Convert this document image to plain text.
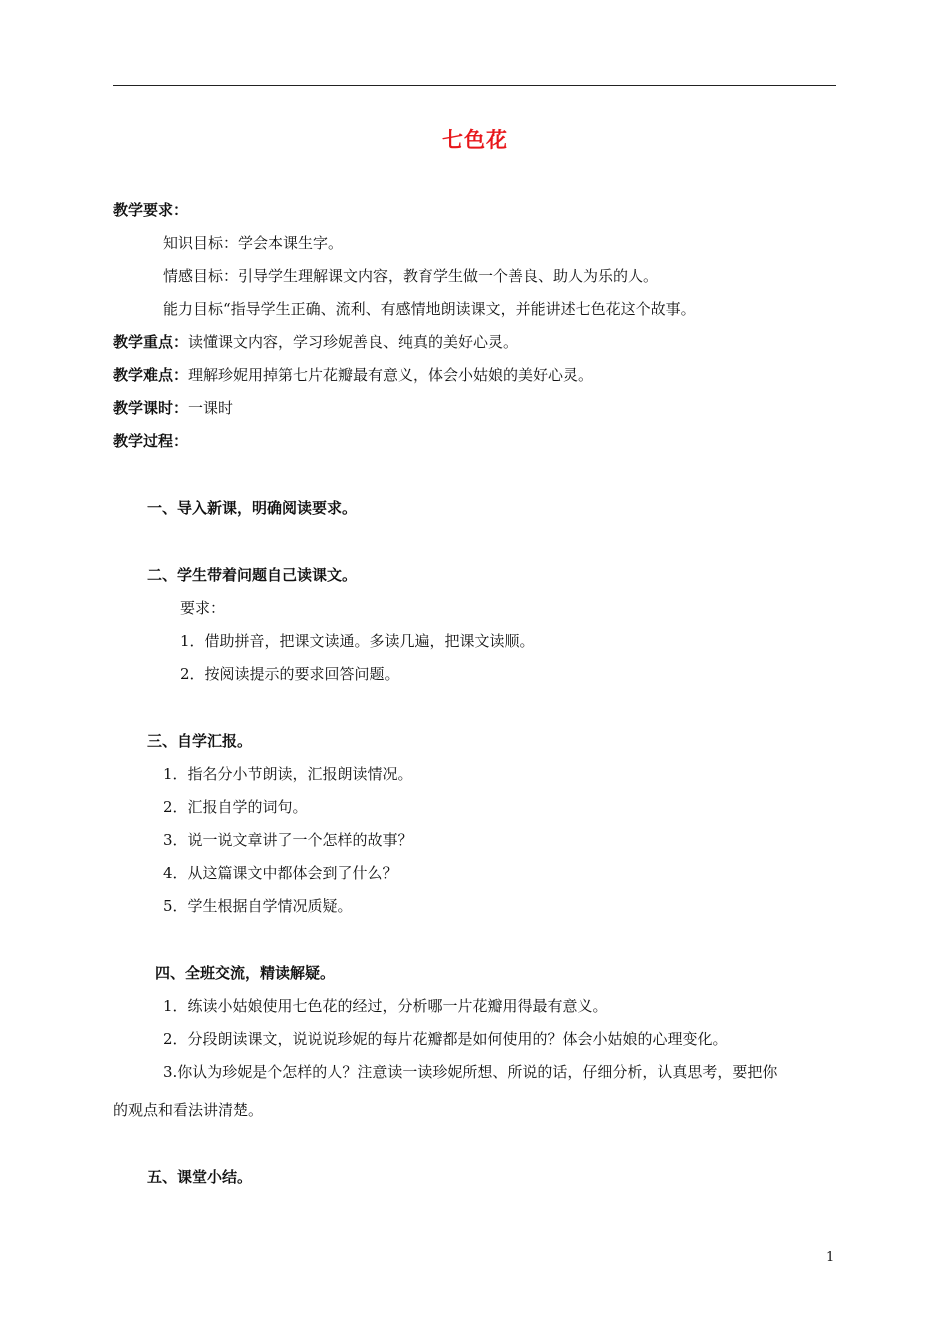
七色花
教学要求：
知识目标：学会本课生字。
情感目标：引导学生理解课文内容，教育学生做一个善良、助人为乐的人。
能力目标“指导学生正确、流利、有感情地朗读课文，并能讲述七色花这个故事。
教学重点：读懂课文内容，学习珍妮善良、纯真的美好心灵。
教学难点：理解珍妮用掉第七片花瓣最有意义，体会小姑娘的美好心灵。
教学课时：一课时
教学过程：
一、导入新课，明确阅读要求。
二、学生带着问题自己读课文。
要求：
1．借助拼音，把课文读通。多读几遍，把课文读顺。
2．按阅读提示的要求回答问题。
三、自学汇报。
1．指名分小节朗读，汇报朗读情况。
2．汇报自学的词句。
3．说一说文章讲了一个怎样的故事？
4．从这篇课文中都体会到了什么？
5．学生根据自学情况质疑。
四、全班交流，精读解疑。
1．练读小姑娘使用七色花的经过，分析哪一片花瓣用得最有意义。
2．分段朗读课文，说说说珍妮的每片花瓣都是如何使用的？体会小姑娘的心理变化。
3.你认为珍妮是个怎样的人？注意读一读珍妮所想、所说的话，仔细分析，认真思考，要把你
的观点和看法讲清楚。
五、课堂小结。
1
